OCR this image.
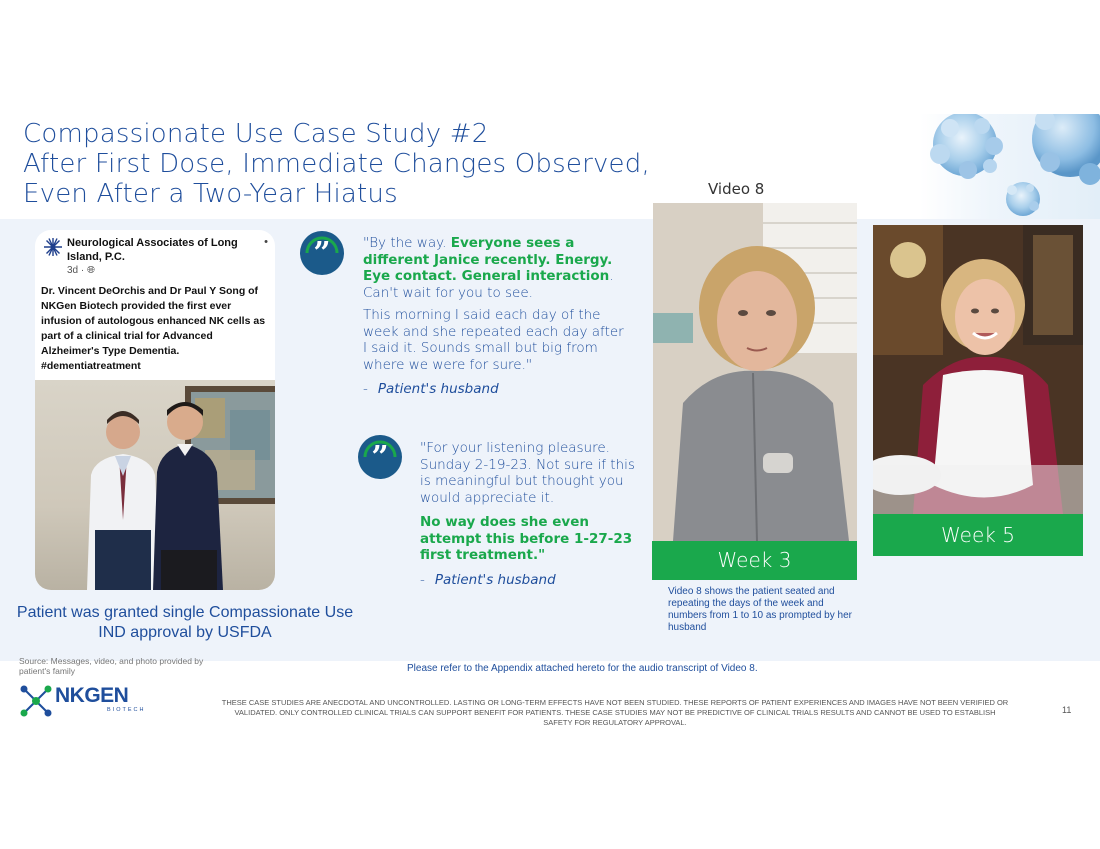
Compassionate Use Case Study #2
After First Dose, Immediate Changes Observed,
Even After a Two-Year Hiatus
Neurological Associates of Long Island, P.C.
3d · 🌐︎
•
Dr. Vincent DeOrchis and Dr Paul Y Song of NKGen Biotech provided the first ever infusion of autologous enhanced NK cells as part of a clinical trial for Advanced Alzheimer's Type Dementia. #dementiatreatment
Patient was granted single Compassionate Use IND approval by USFDA
” "By the way. Everyone sees a different Janice recently. Energy. Eye contact. General interaction. Can't wait for you to see.

This morning I said each day of the week and she repeated each day after I said it. Sounds small but big from where we were for sure."

- Patient's husband

” "For your listening pleasure. Sunday 2-19-23. Not sure if this is meaningful but thought you would appreciate it.

No way does she even attempt this before 1-27-23 first treatment."

- Patient's husband

Video 8
Week 3
Week 5
Video 8 shows the patient seated and repeating the days of the week and numbers from 1 to 10 as prompted by her husband
Source: Messages, video, and photo provided by patient's family	Please refer to the Appendix attached hereto for the audio transcript of Video 8.
NKGEN
BIOTECH
THESE CASE STUDIES ARE ANECDOTAL AND UNCONTROLLED. LASTING OR LONG-TERM EFFECTS HAVE NOT BEEN STUDIED. THESE REPORTS OF PATIENT EXPERIENCES AND IMAGES HAVE NOT BEEN VERIFIED OR VALIDATED. ONLY CONTROLLED CLINICAL TRIALS CAN SUPPORT BENEFIT FOR PATIENTS. THESE CASE STUDIES MAY NOT BE PREDICTIVE OF CLINICAL TRIALS RESULTS AND CANNOT BE USED TO ESTABLISH SAFETY FOR REGULATORY APPROVAL.
11
